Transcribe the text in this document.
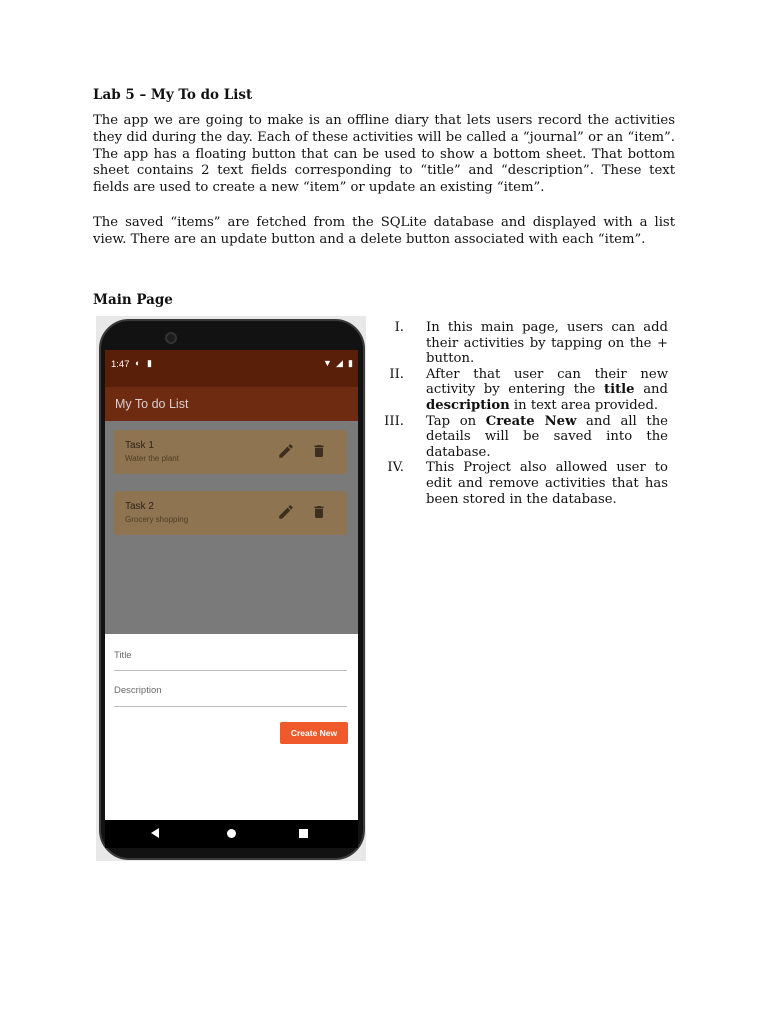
Lab 5 – My To do List

The app we are going to make is an offline diary that lets users record the activities they did during the day. Each of these activities will be called a “journal” or an “item”. The app has a floating button that can be used to show a bottom sheet. That bottom sheet contains 2 text fields corresponding to “title” and “description”. These text fields are used to create a new “item” or update an existing “item”.

The saved “items” are fetched from the SQLite database and displayed with a list view. There are an update button and a delete button associated with each “item”.

Main Page
1:47 ◐ ▮	▼ ◢ ▮
My To do List
Task 1
Water the plant
Task 2
Grocery shopping
Title
Description
Create New
I. In this main page, users can add their activities by tapping on the + button.
II. After that user can their new activity by entering the title and description in text area provided.
III. Tap on Create New and all the details will be saved into the database.
IV. This Project also allowed user to edit and remove activities that has been stored in the database.
